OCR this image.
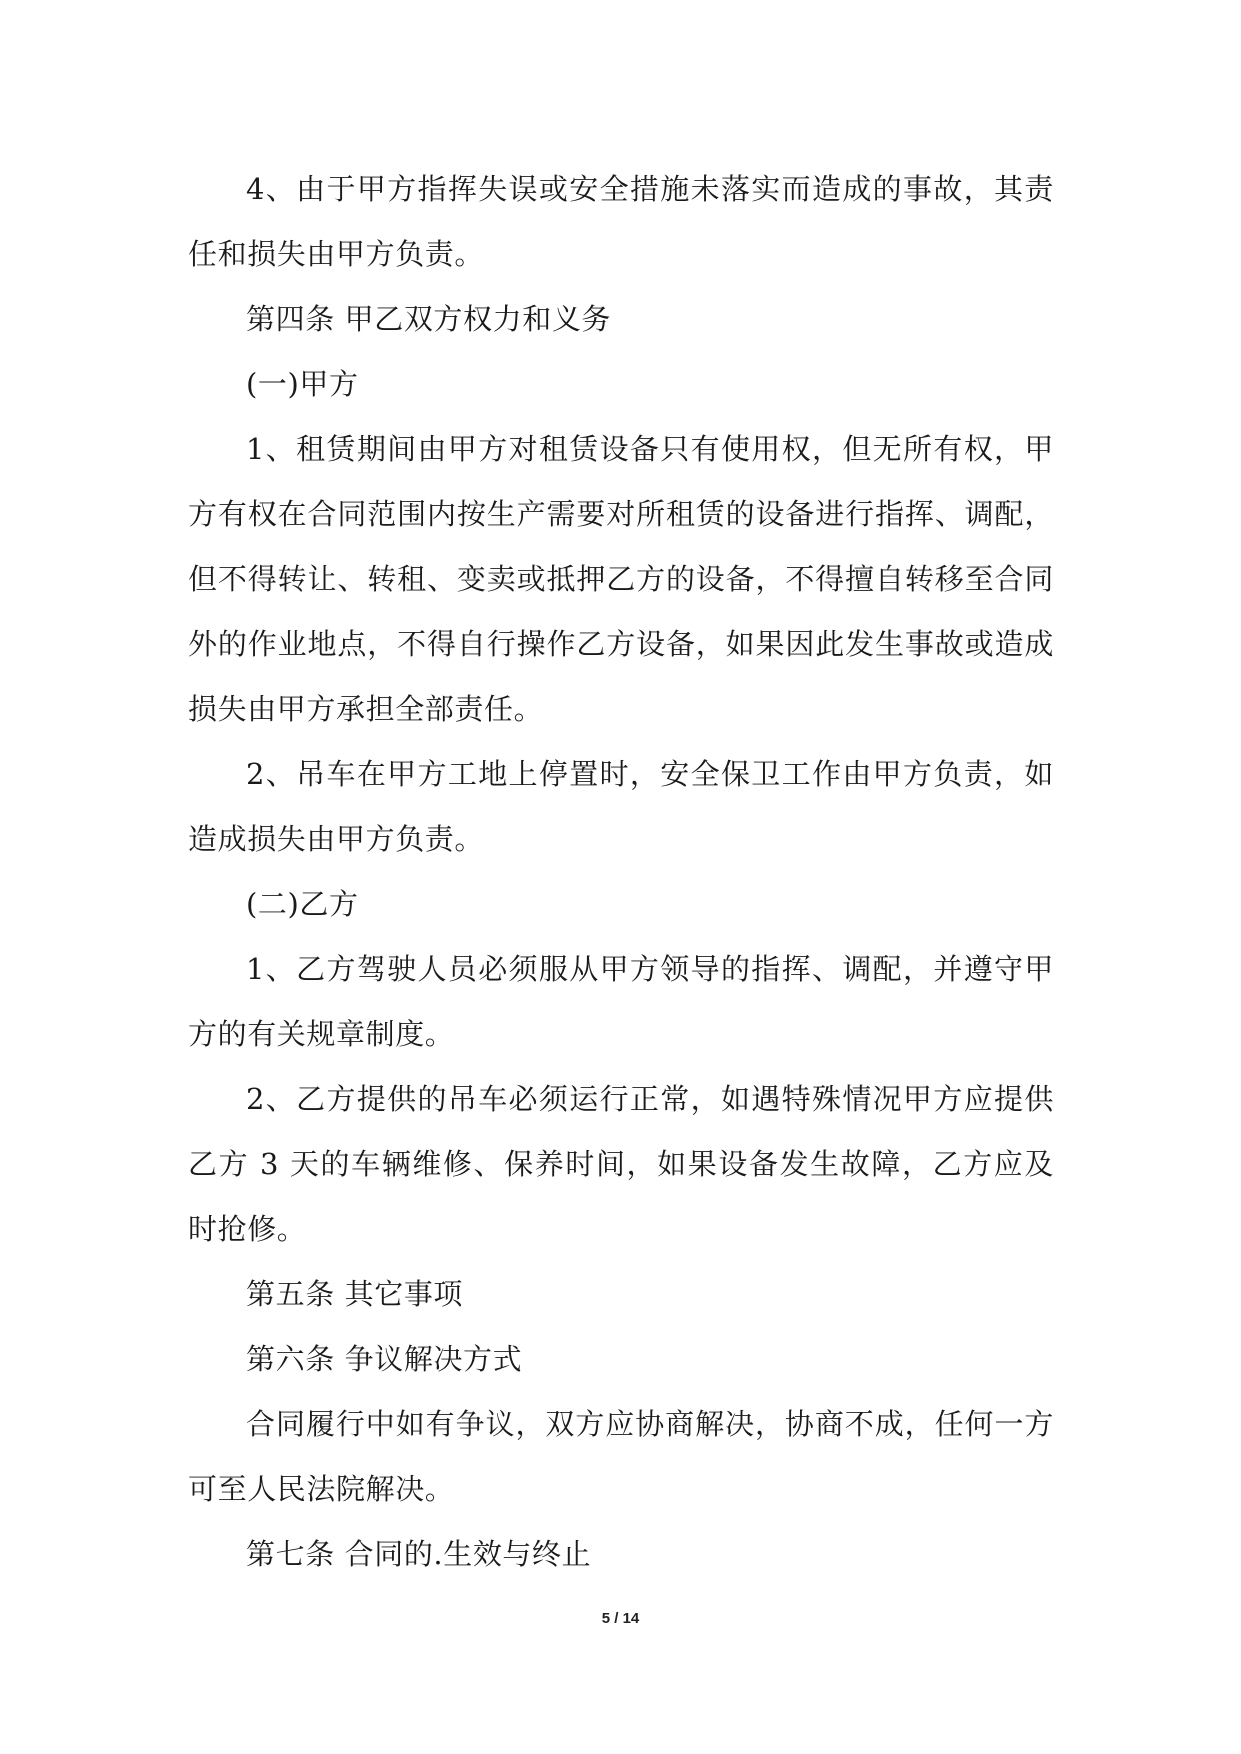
4、由于甲方指挥失误或安全措施未落实而造成的事故，其责任和损失由甲方负责。

第四条 甲乙双方权力和义务

(一)甲方

1、租赁期间由甲方对租赁设备只有使用权，但无所有权，甲方有权在合同范围内按生产需要对所租赁的设备进行指挥、调配，但不得转让、转租、变卖或抵押乙方的设备，不得擅自转移至合同外的作业地点，不得自行操作乙方设备，如果因此发生事故或造成损失由甲方承担全部责任。

2、吊车在甲方工地上停置时，安全保卫工作由甲方负责，如造成损失由甲方负责。

(二)乙方

1、乙方驾驶人员必须服从甲方领导的指挥、调配，并遵守甲方的有关规章制度。

2、乙方提供的吊车必须运行正常，如遇特殊情况甲方应提供乙方 3 天的车辆维修、保养时间，如果设备发生故障，乙方应及时抢修。

第五条 其它事项

第六条 争议解决方式

合同履行中如有争议，双方应协商解决，协商不成，任何一方可至人民法院解决。

第七条 合同的.生效与终止

5 / 14
